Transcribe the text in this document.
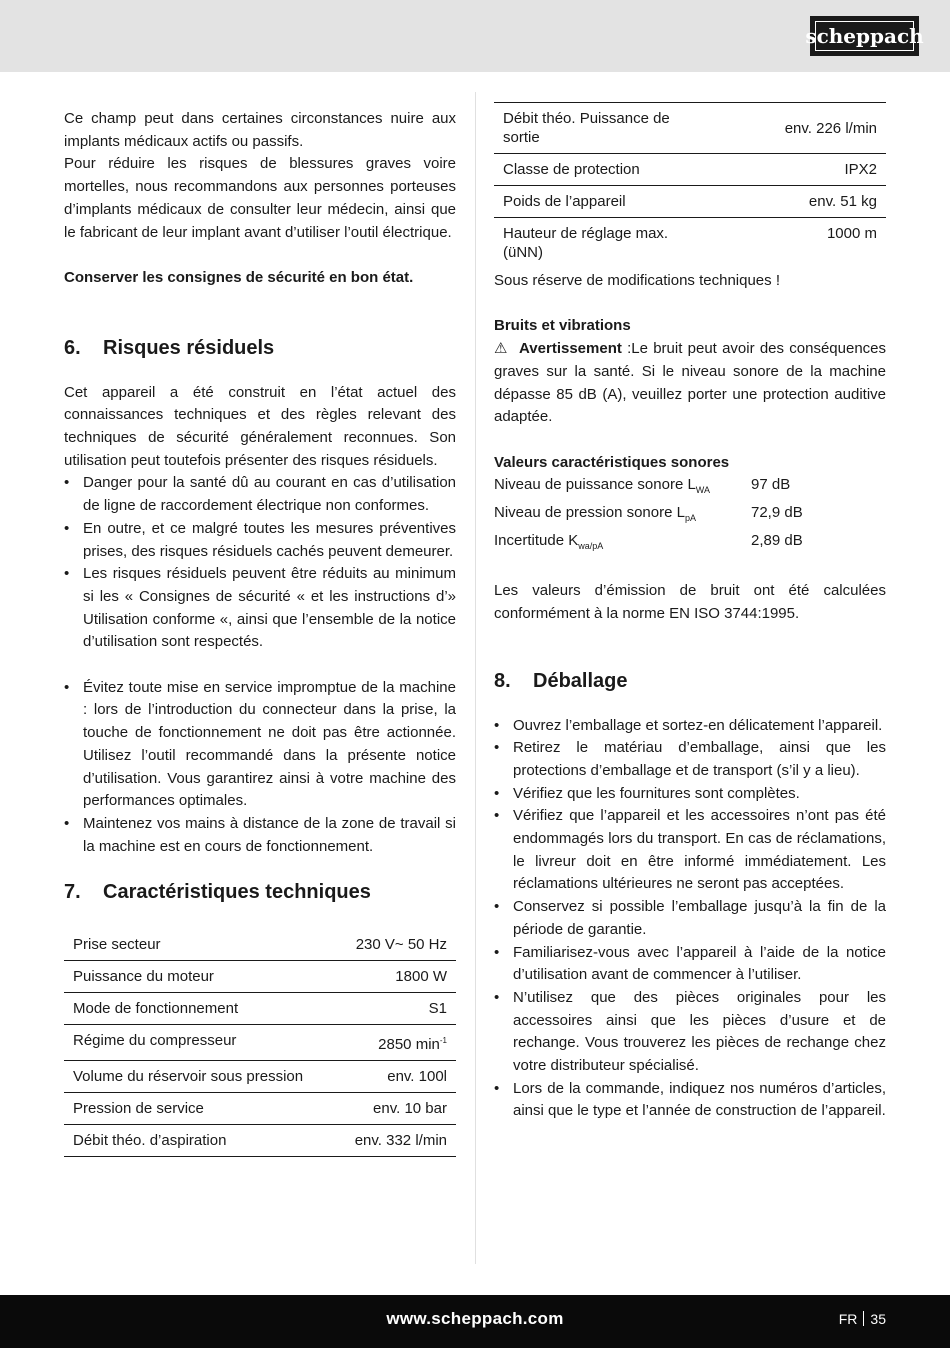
scheppach

Ce champ peut dans certaines circonstances nuire aux implants médicaux actifs ou passifs.

Pour réduire les risques de blessures graves voire mortelles, nous recommandons aux personnes porteuses d’implants médicaux de consulter leur médecin, ainsi que le fabricant de leur implant avant d’utiliser l’outil électrique.

Conserver les consignes de sécurité en bon état.

6.	Risques résiduels

Cet appareil a été construit en l’état actuel des connaissances techniques et des règles relevant des techniques de sécurité généralement reconnues. Son utilisation peut toutefois présenter des risques résiduels.

• Danger pour la santé dû au courant en cas d’utilisation de ligne de raccordement électrique non conformes.
• En outre, et ce malgré toutes les mesures préventives prises, des risques résiduels cachés peuvent demeurer.
• Les risques résiduels peuvent être réduits au minimum si les « Consignes de sécurité « et les instructions d’» Utilisation conforme «, ainsi que l’ensemble de la notice d’utilisation sont respectés.
• Évitez toute mise en service impromptue de la machine : lors de l’introduction du connecteur dans la prise, la touche de fonctionnement ne doit pas être actionnée. Utilisez l’outil recommandé dans la présente notice d’utilisation. Vous garantirez ainsi à votre machine des performances optimales.
• Maintenez vos mains à distance de la zone de travail si la machine est en cours de fonctionnement.
7.	Caractéristiques techniques
Prise secteur	230 V~ 50 Hz
Puissance du moteur	1800 W
Mode de fonctionnement	S1
Régime du compresseur	2850 $\min^{-1}$
Volume du réservoir sous pression	env. 100l
Pression de service	env. 10 bar
Débit théo. d’aspiration	env. 332 l/min
Débit théo. Puissance de sortie	env. 226 l/min
Classe de protection	IPX2
Poids de l’appareil	env. 51 kg
Hauteur de réglage max. (üNN)	1000 m

Sous réserve de modifications techniques !

Bruits et vibrations

⚠ Avertissement :Le bruit peut avoir des conséquences graves sur la santé. Si le niveau sonore de la machine dépasse 85 dB (A), veuillez porter une protection auditive adaptée.

Valeurs caractéristiques sonores

Niveau de puissance sonore $L_{WA}$	97 dB
Niveau de pression sonore $L_{pA}$	72,9 dB
Incertitude $K_{wa/pA}$	2,89 dB

Les valeurs d’émission de bruit ont été calculées conformément à la norme EN ISO 3744:1995.

8.	Déballage
• Ouvrez l’emballage et sortez-en délicatement l’appareil.
• Retirez le matériau d’emballage, ainsi que les protections d’emballage et de transport (s’il y a lieu).
• Vérifiez que les fournitures sont complètes.
• Vérifiez que l’appareil et les accessoires n’ont pas été endommagés lors du transport. En cas de réclamations, le livreur doit en être informé immédiatement. Les réclamations ultérieures ne seront pas acceptées.
• Conservez si possible l’emballage jusqu’à la fin de la période de garantie.
• Familiarisez-vous avec l’appareil à l’aide de la notice d’utilisation avant de commencer à l’utiliser.
• N’utilisez que des pièces originales pour les accessoires ainsi que les pièces d’usure et de rechange. Vous trouverez les pièces de rechange chez votre distributeur spécialisé.
• Lors de la commande, indiquez nos numéros d’articles, ainsi que le type et l’année de construction de l’appareil.
www.scheppach.com	FR 35
